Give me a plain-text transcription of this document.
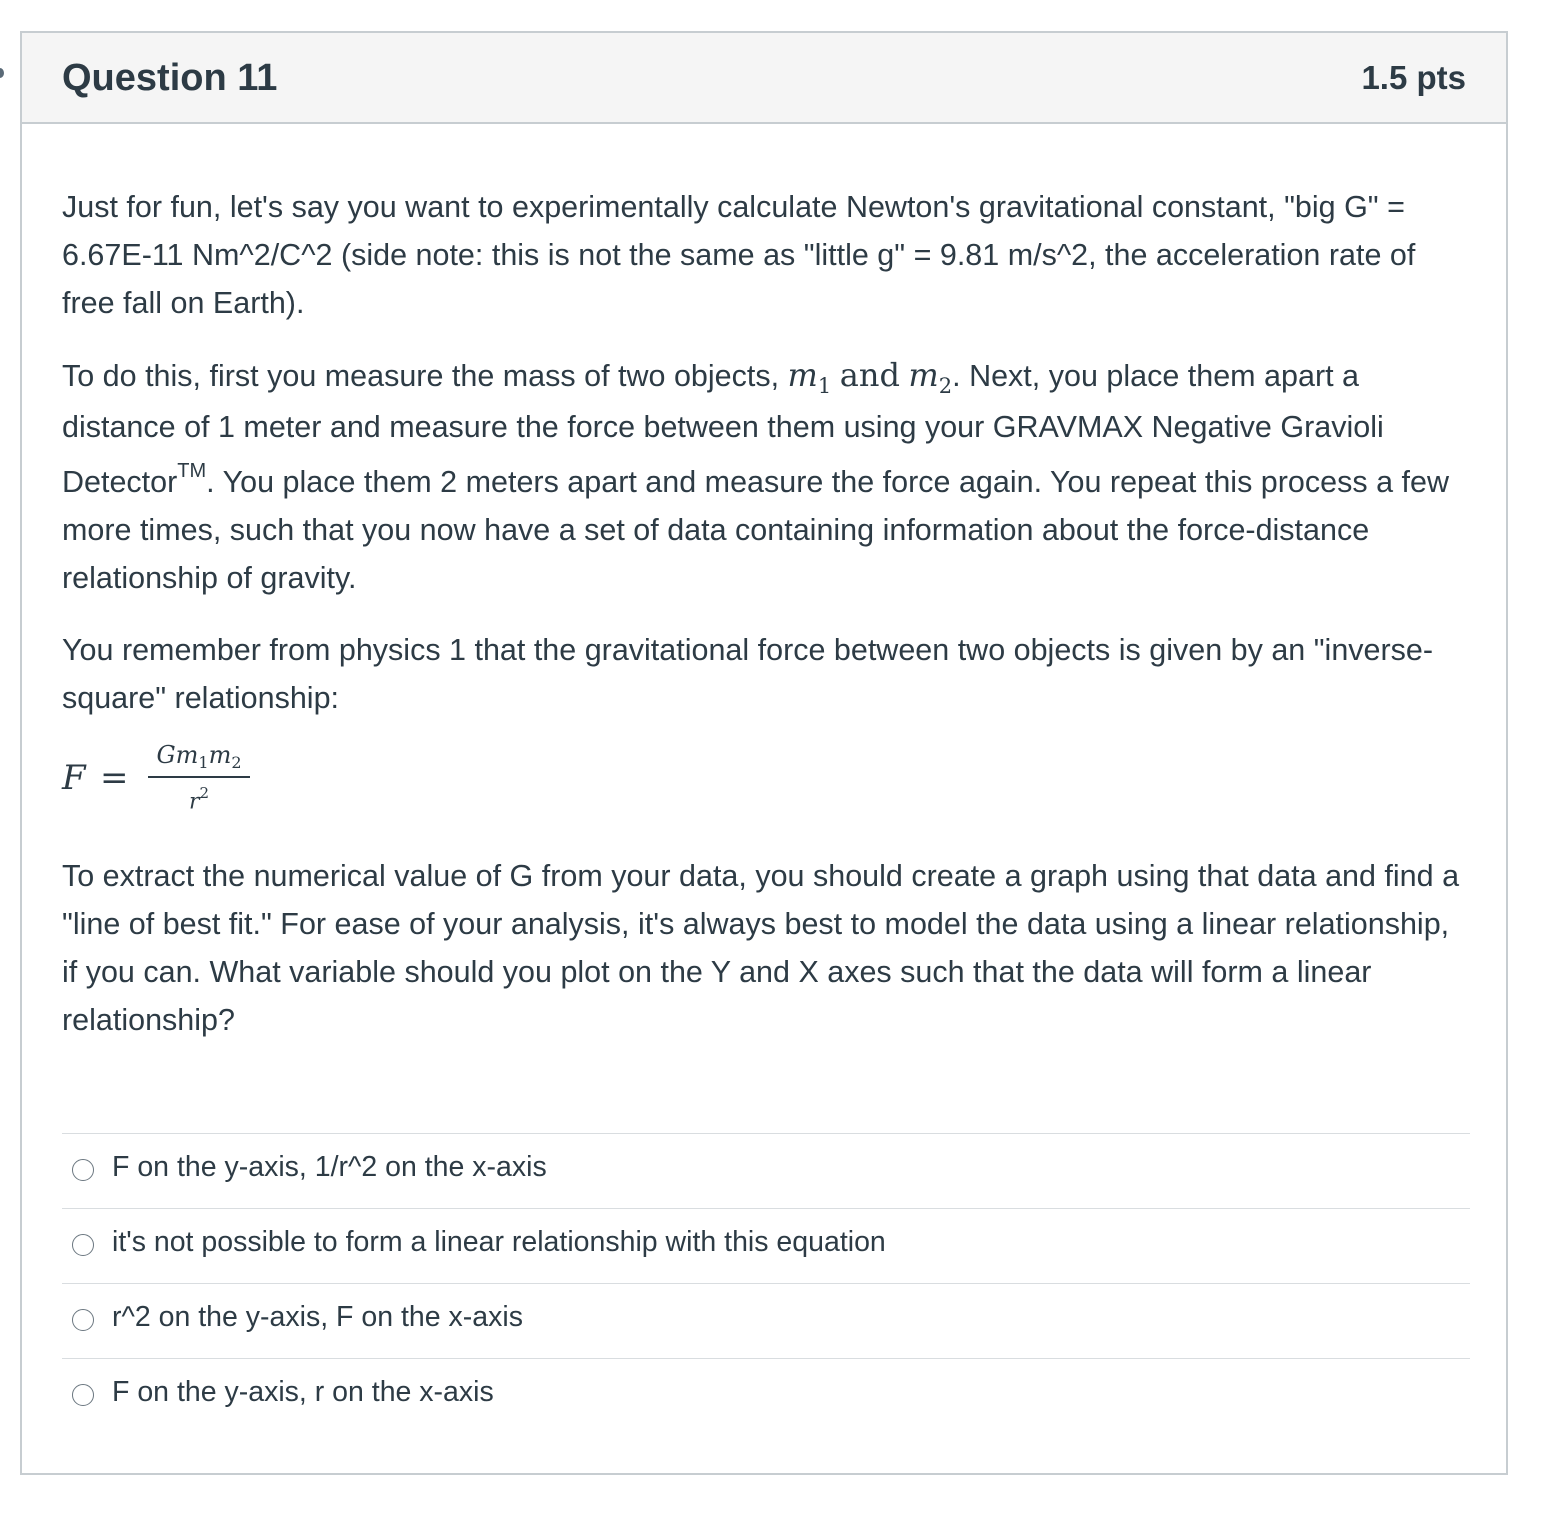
Question 11	1.5 pts

Just for fun, let's say you want to experimentally calculate Newton's gravitational constant, "big G" = 6.67E-11 Nm^2/C^2 (side note: this is not the same as "little g" = 9.81 m/s^2, the acceleration rate of free fall on Earth).

To do this, first you measure the mass of two objects, $m_1$ and $m_2$. Next, you place them apart a distance of 1 meter and measure the force between them using your GRAVMAX Negative Gravioli Detector™. You place them 2 meters apart and measure the force again. You repeat this process a few more times, such that you now have a set of data containing information about the force-distance relationship of gravity.

You remember from physics 1 that the gravitational force between two objects is given by an "inverse-square" relationship:

F =
$Gm_1m_2$
$r^2$

To extract the numerical value of G from your data, you should create a graph using that data and find a "line of best fit." For ease of your analysis, it's always best to model the data using a linear relationship, if you can. What variable should you plot on the Y and X axes such that the data will form a linear relationship?

F on the y-axis, 1/r^2 on the x-axis
it's not possible to form a linear relationship with this equation
r^2 on the y-axis, F on the x-axis
F on the y-axis, r on the x-axis
